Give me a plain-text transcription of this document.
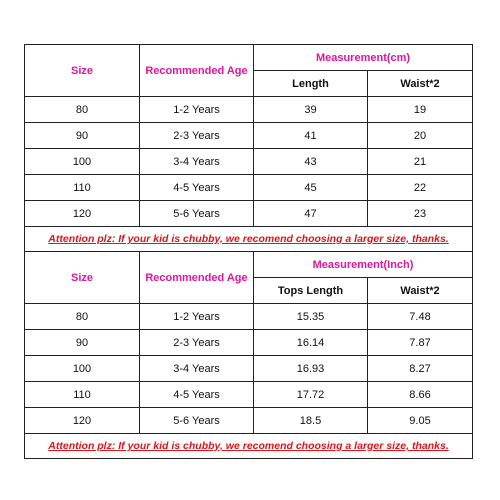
Size	Recommended Age	Measurement(cm)	
		Length	Waist*2
80	1-2 Years	39	19
90	2-3 Years	41	20
100	3-4 Years	43	21
110	4-5 Years	45	22
120	5-6 Years	47	23
Attention plz: If your kid is chubby, we recomend choosing a larger size, thanks.			
Size	Recommended Age	Measurement(Inch)	
		Tops Length	Waist*2
80	1-2 Years	15.35	7.48
90	2-3 Years	16.14	7.87
100	3-4 Years	16.93	8.27
110	4-5 Years	17.72	8.66
120	5-6 Years	18.5	9.05
Attention plz: If your kid is chubby, we recomend choosing a larger size, thanks.			
